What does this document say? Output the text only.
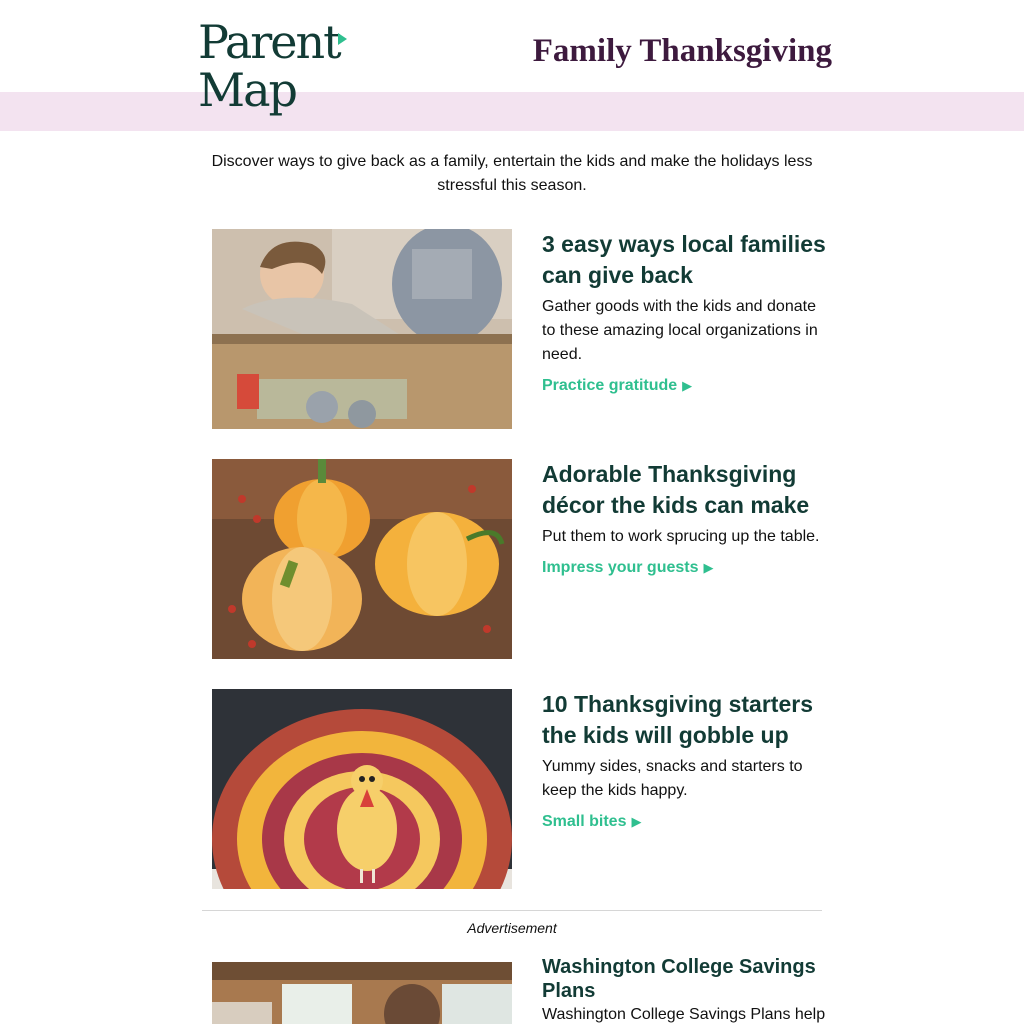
Parent
Map
Family Thanksgiving
Discover ways to give back as a family, entertain the kids and make the holidays less stressful this season.
3 easy ways local families can give back

Gather goods with the kids and donate to these amazing local organizations in need.

Practice gratitude ▶
Adorable Thanksgiving décor the kids can make

Put them to work sprucing up the table.

Impress your guests ▶
10 Thanksgiving starters the kids will gobble up

Yummy sides, snacks and starters to keep the kids happy.

Small bites ▶
Advertisement
Washington College Savings Plans

Washington College Savings Plans help
